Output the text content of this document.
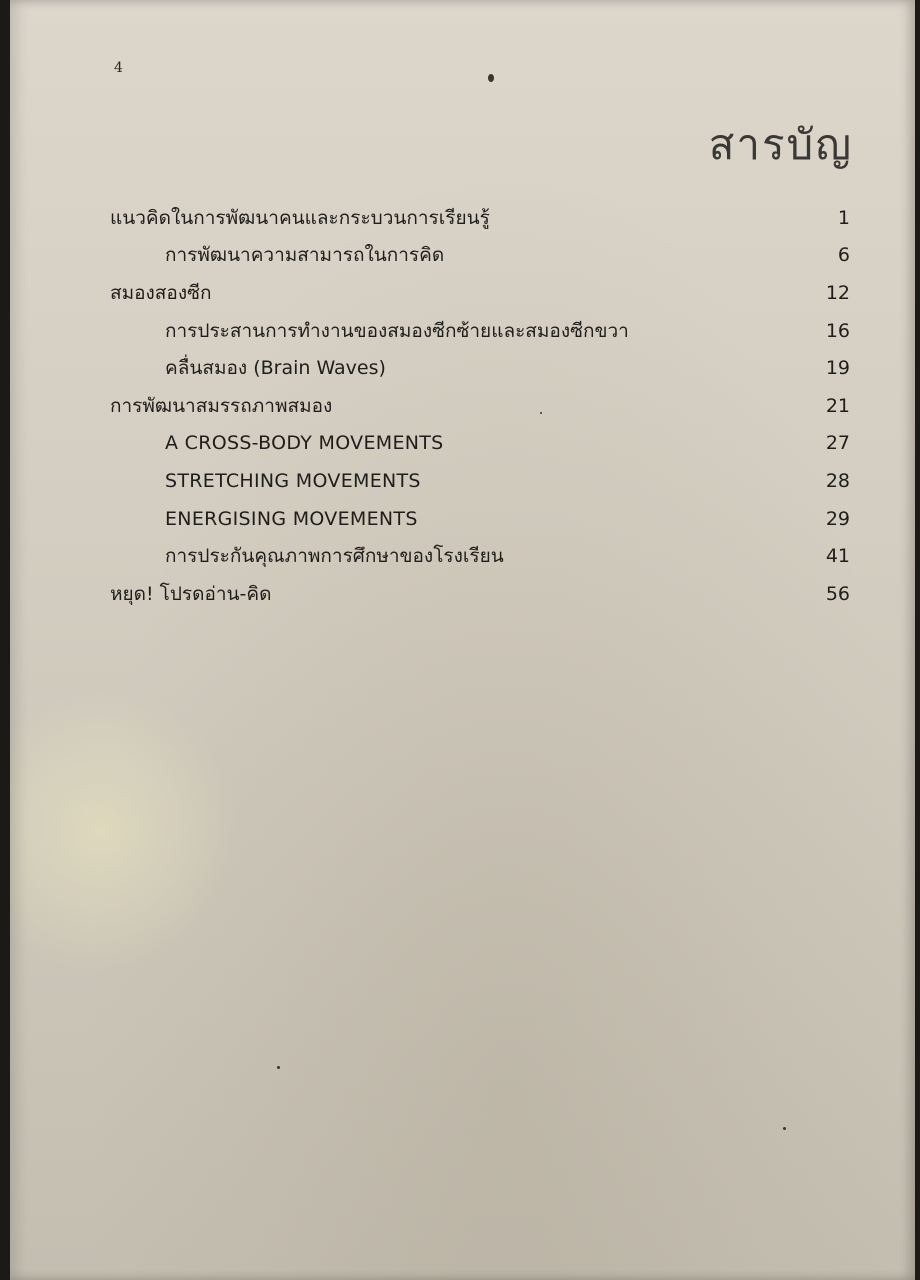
4
สารบัญ
แนวคิดในการพัฒนาคนและกระบวนการเรียนรู้	1
การพัฒนาความสามารถในการคิด	6
สมองสองซีก	12
การประสานการทำงานของสมองซีกซ้ายและสมองซีกขวา	16
คลื่นสมอง (Brain Waves)	19
การพัฒนาสมรรถภาพสมอง	21
A CROSS-BODY MOVEMENTS	27
STRETCHING MOVEMENTS	28
ENERGISING MOVEMENTS	29
การประกันคุณภาพการศึกษาของโรงเรียน	41
หยุด! โปรดอ่าน-คิด	56
